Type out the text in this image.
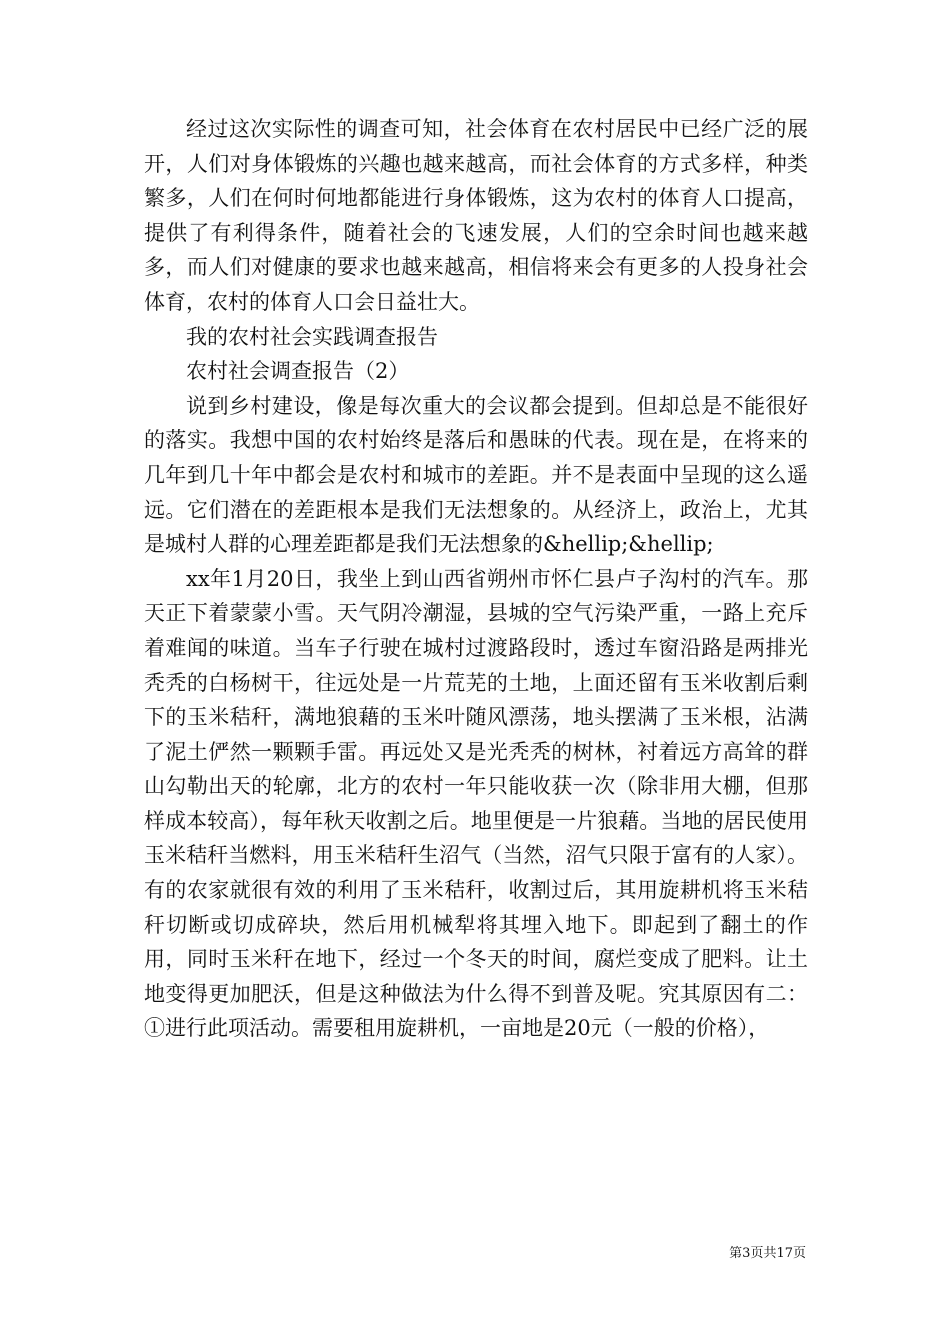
经过这次实际性的调查可知，社会体育在农村居民中已经广泛的展开，人们对身体锻炼的兴趣也越来越高，而社会体育的方式多样，种类繁多，人们在何时何地都能进行身体锻炼，这为农村的体育人口提高，提供了有利得条件，随着社会的飞速发展，人们的空余时间也越来越多，而人们对健康的要求也越来越高，相信将来会有更多的人投身社会体育，农村的体育人口会日益壮大。

我的农村社会实践调查报告

农村社会调查报告（2）

说到乡村建设，像是每次重大的会议都会提到。但却总是不能很好的落实。我想中国的农村始终是落后和愚昧的代表。现在是，在将来的几年到几十年中都会是农村和城市的差距。并不是表面中呈现的这么遥远。它们潜在的差距根本是我们无法想象的。从经济上，政治上，尤其是城村人群的心理差距都是我们无法想象的&hellip;&hellip;

xx年1月20日，我坐上到山西省朔州市怀仁县卢子沟村的汽车。那天正下着蒙蒙小雪。天气阴冷潮湿，县城的空气污染严重，一路上充斥着难闻的味道。当车子行驶在城村过渡路段时，透过车窗沿路是两排光秃秃的白杨树干，往远处是一片荒芜的土地，上面还留有玉米收割后剩下的玉米秸秆，满地狼藉的玉米叶随风漂荡，地头摆满了玉米根，沾满了泥土俨然一颗颗手雷。再远处又是光秃秃的树林，衬着远方高耸的群山勾勒出天的轮廓，北方的农村一年只能收获一次（除非用大棚，但那样成本较高），每年秋天收割之后。地里便是一片狼藉。当地的居民使用玉米秸秆当燃料，用玉米秸秆生沼气（当然，沼气只限于富有的人家）。有的农家就很有效的利用了玉米秸秆，收割过后，其用旋耕机将玉米秸秆切断或切成碎块，然后用机械犁将其埋入地下。即起到了翻土的作用，同时玉米秆在地下，经过一个冬天的时间，腐烂变成了肥料。让土地变得更加肥沃，但是这种做法为什么得不到普及呢。究其原因有二：①进行此项活动。需要租用旋耕机，一亩地是20元（一般的价格），

第3页共17页
